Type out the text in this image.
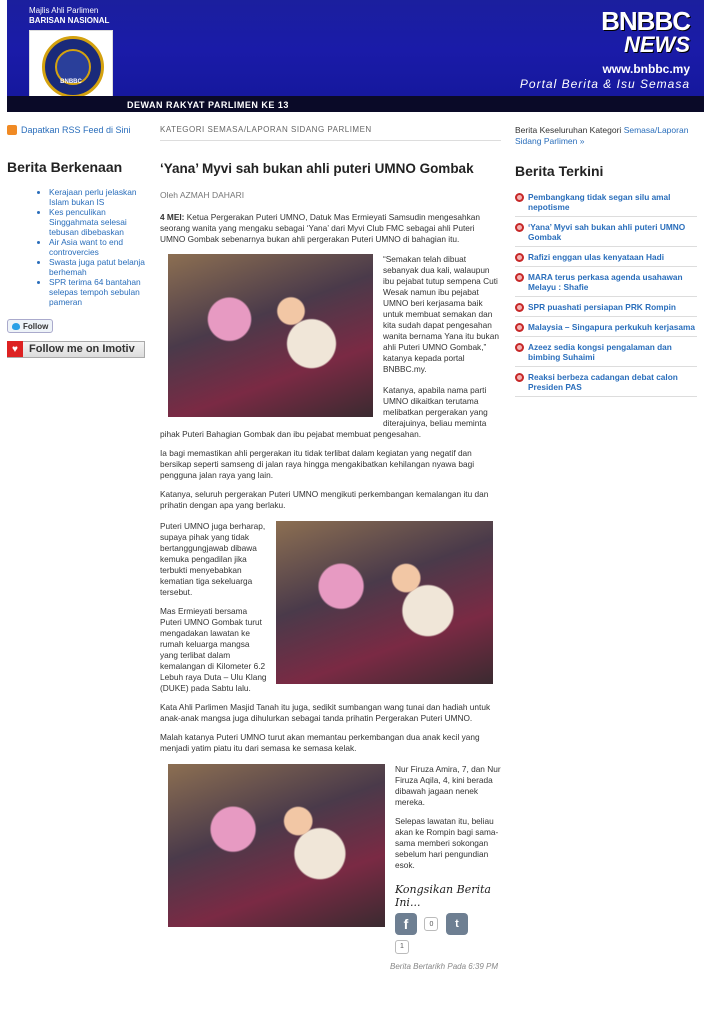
Majlis Ahli Parlimen
BARISAN NASIONAL
BNBBC
BNBBC
NEWS
www.bnbbc.my
Portal Berita & Isu Semasa
DEWAN RAKYAT PARLIMEN KE 13
Dapatkan RSS Feed di Sini
Berita Berkenaan
• Kerajaan perlu jelaskan Islam bukan IS
• Kes penculikan Singgahmata selesai tebusan dibebaskan
• Air Asia want to end controvercies
• Swasta juga patut belanja berhemah
• SPR terima 64 bantahan selepas tempoh sebulan pameran
Follow
♥	Follow me on Imotiv
KATEGORI SEMASA/LAPORAN SIDANG PARLIMEN
‘Yana’ Myvi sah bukan ahli puteri UMNO Gombak
Oleh AZMAH DAHARI

4 MEI: Ketua Pergerakan Puteri UMNO, Datuk Mas Ermieyati Samsudin mengesahkan seorang wanita yang mengaku sebagai ‘Yana’ dari Myvi Club FMC sebagai ahli Puteri UMNO Gombak sebenarnya bukan ahli pergerakan Puteri UMNO di bahagian itu.

“Semakan telah dibuat sebanyak dua kali, walaupun ibu pejabat tutup sempena Cuti Wesak namun ibu pejabat UMNO beri kerjasama baik untuk membuat semakan dan kita sudah dapat pengesahan wanita bernama Yana itu bukan ahli Puteri UMNO Gombak,” katanya kepada portal BNBBC.my.

Katanya, apabila nama parti UMNO dikaitkan terutama melibatkan pergerakan yang diterajuinya, beliau meminta pihak Puteri Bahagian Gombak dan ibu pejabat membuat pengesahan.

Ia bagi memastikan ahli pergerakan itu tidak terlibat dalam kegiatan yang negatif dan bersikap seperti samseng di jalan raya hingga mengakibatkan kehilangan nyawa bagi pengguna jalan raya yang lain.

Katanya, seluruh pergerakan Puteri UMNO mengikuti perkembangan kemalangan itu dan prihatin dengan apa yang berlaku.

Puteri UMNO juga berharap, supaya pihak yang tidak bertanggungjawab dibawa kemuka pengadilan jika terbukti menyebabkan kematian tiga sekeluarga tersebut.

Mas Ermieyati bersama Puteri UMNO Gombak turut mengadakan lawatan ke rumah keluarga mangsa yang terlibat dalam kemalangan di Kilometer 6.2 Lebuh raya Duta – Ulu Klang (DUKE) pada Sabtu lalu.

Kata Ahli Parlimen Masjid Tanah itu juga, sedikit sumbangan wang tunai dan hadiah untuk anak-anak mangsa juga dihulurkan sebagai tanda prihatin Pergerakan Puteri UMNO.

Malah katanya Puteri UMNO turut akan memantau perkembangan dua anak kecil yang menjadi yatim piatu itu dari semasa ke semasa kelak.

Nur Firuza Amira, 7, dan Nur Firuza Aqila, 4, kini berada dibawah jagaan nenek mereka.

Selepas lawatan itu, beliau akan ke Rompin bagi sama-sama memberi sokongan sebelum hari pengundian esok.

Kongsikan Berita Ini...
f	0 t
1
Berita Bertarikh Pada 6:39 PM
Berita Keseluruhan Kategori Semasa/Laporan Sidang Parlimen »
Berita Terkini
Pembangkang tidak segan silu amal nepotisme
‘Yana’ Myvi sah bukan ahli puteri UMNO Gombak
Rafizi enggan ulas kenyataan Hadi
MARA terus perkasa agenda usahawan Melayu : Shafie
SPR puashati persiapan PRK Rompin
Malaysia – Singapura perkukuh kerjasama
Azeez sedia kongsi pengalaman dan bimbing Suhaimi
Reaksi berbeza cadangan debat calon Presiden PAS
